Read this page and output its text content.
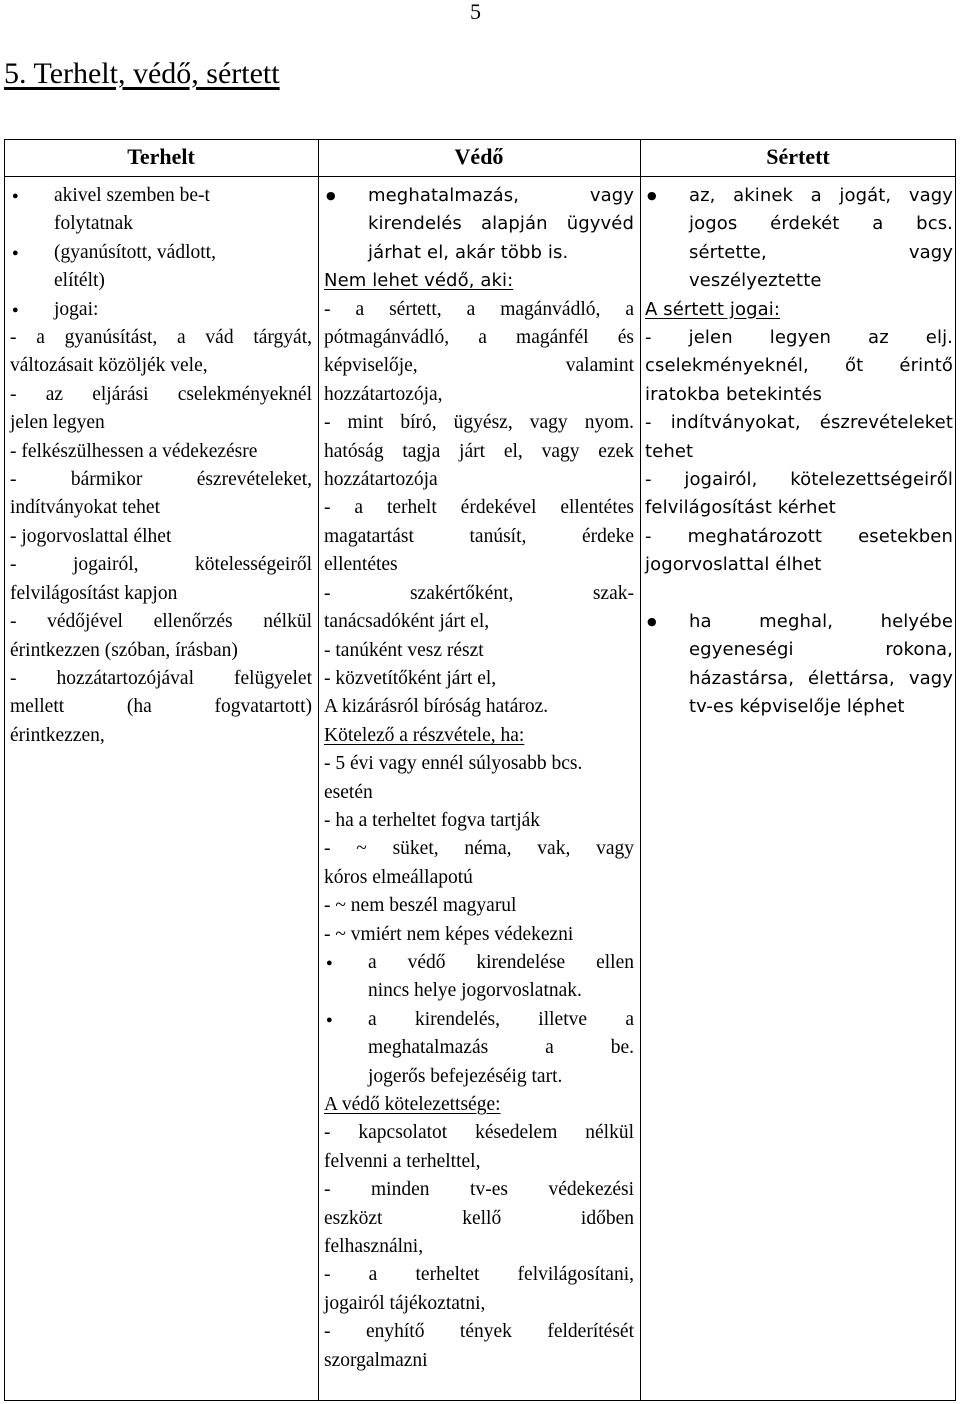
5
5. Terhelt, védő, sértett
Terhelt	Védő	Sértett
● akivel szemben be-t
folytatnak
● (gyanúsított, vádlott,
elítélt)
● jogai:
- a gyanúsítást, a vád tárgyát,
változásait közöljék vele,
- az eljárási cselekményeknél
jelen legyen
- felkészülhessen a védekezésre
- bármikor észrevételeket,
indítványokat tehet
- jogorvoslattal élhet
- jogairól, kötelességeiről
felvilágosítást kapjon
- védőjével ellenőrzés nélkül
érintkezzen (szóban, írásban)
- hozzátartozójával felügyelet
mellett (ha fogvatartott)
érintkezzen,
● meghatalmazás, vagy
kirendelés alapján ügyvéd
járhat el, akár több is.
Nem lehet védő, aki:
- a sértett, a magánvádló, a
pótmagánvádló, a magánfél és
képviselője, valamint
hozzátartozója,
- mint bíró, ügyész, vagy nyom.
hatóság tagja járt el, vagy ezek
hozzátartozója
- a terhelt érdekével ellentétes
magatartást tanúsít, érdeke
ellentétes
- szakértőként, szak-
tanácsadóként járt el,
- tanúként vesz részt
- közvetítőként járt el,
A kizárásról bíróság határoz.
Kötelező a részvétele, ha:
- 5 évi vagy ennél súlyosabb bcs.
esetén
- ha a terheltet fogva tartják
- ~ süket, néma, vak, vagy
kóros elmeállapotú
- ~ nem beszél magyarul
- ~ vmiért nem képes védekezni
● a védő kirendelése ellen
nincs helye jogorvoslatnak.
● a kirendelés, illetve a
meghatalmazás a be.
jogerős befejezéséig tart.
A védő kötelezettsége:
- kapcsolatot késedelem nélkül
felvenni a terhelttel,
- minden tv-es védekezési
eszközt kellő időben
felhasználni,
- a terheltet felvilágosítani,
jogairól tájékoztatni,
- enyhítő tények felderítését
szorgalmazni
● az, akinek a jogát, vagy
jogos érdekét a bcs.
sértette, vagy
veszélyeztette
A sértett jogai:
- jelen legyen az elj.
cselekményeknél, őt érintő
iratokba betekintés
- indítványokat, észrevételeket
tehet
- jogairól, kötelezettségeiről
felvilágosítást kérhet
- meghatározott esetekben
jogorvoslattal élhet
● ha meghal, helyébe
egyeneségi rokona,
házastársa, élettársa, vagy
tv-es képviselője léphet
